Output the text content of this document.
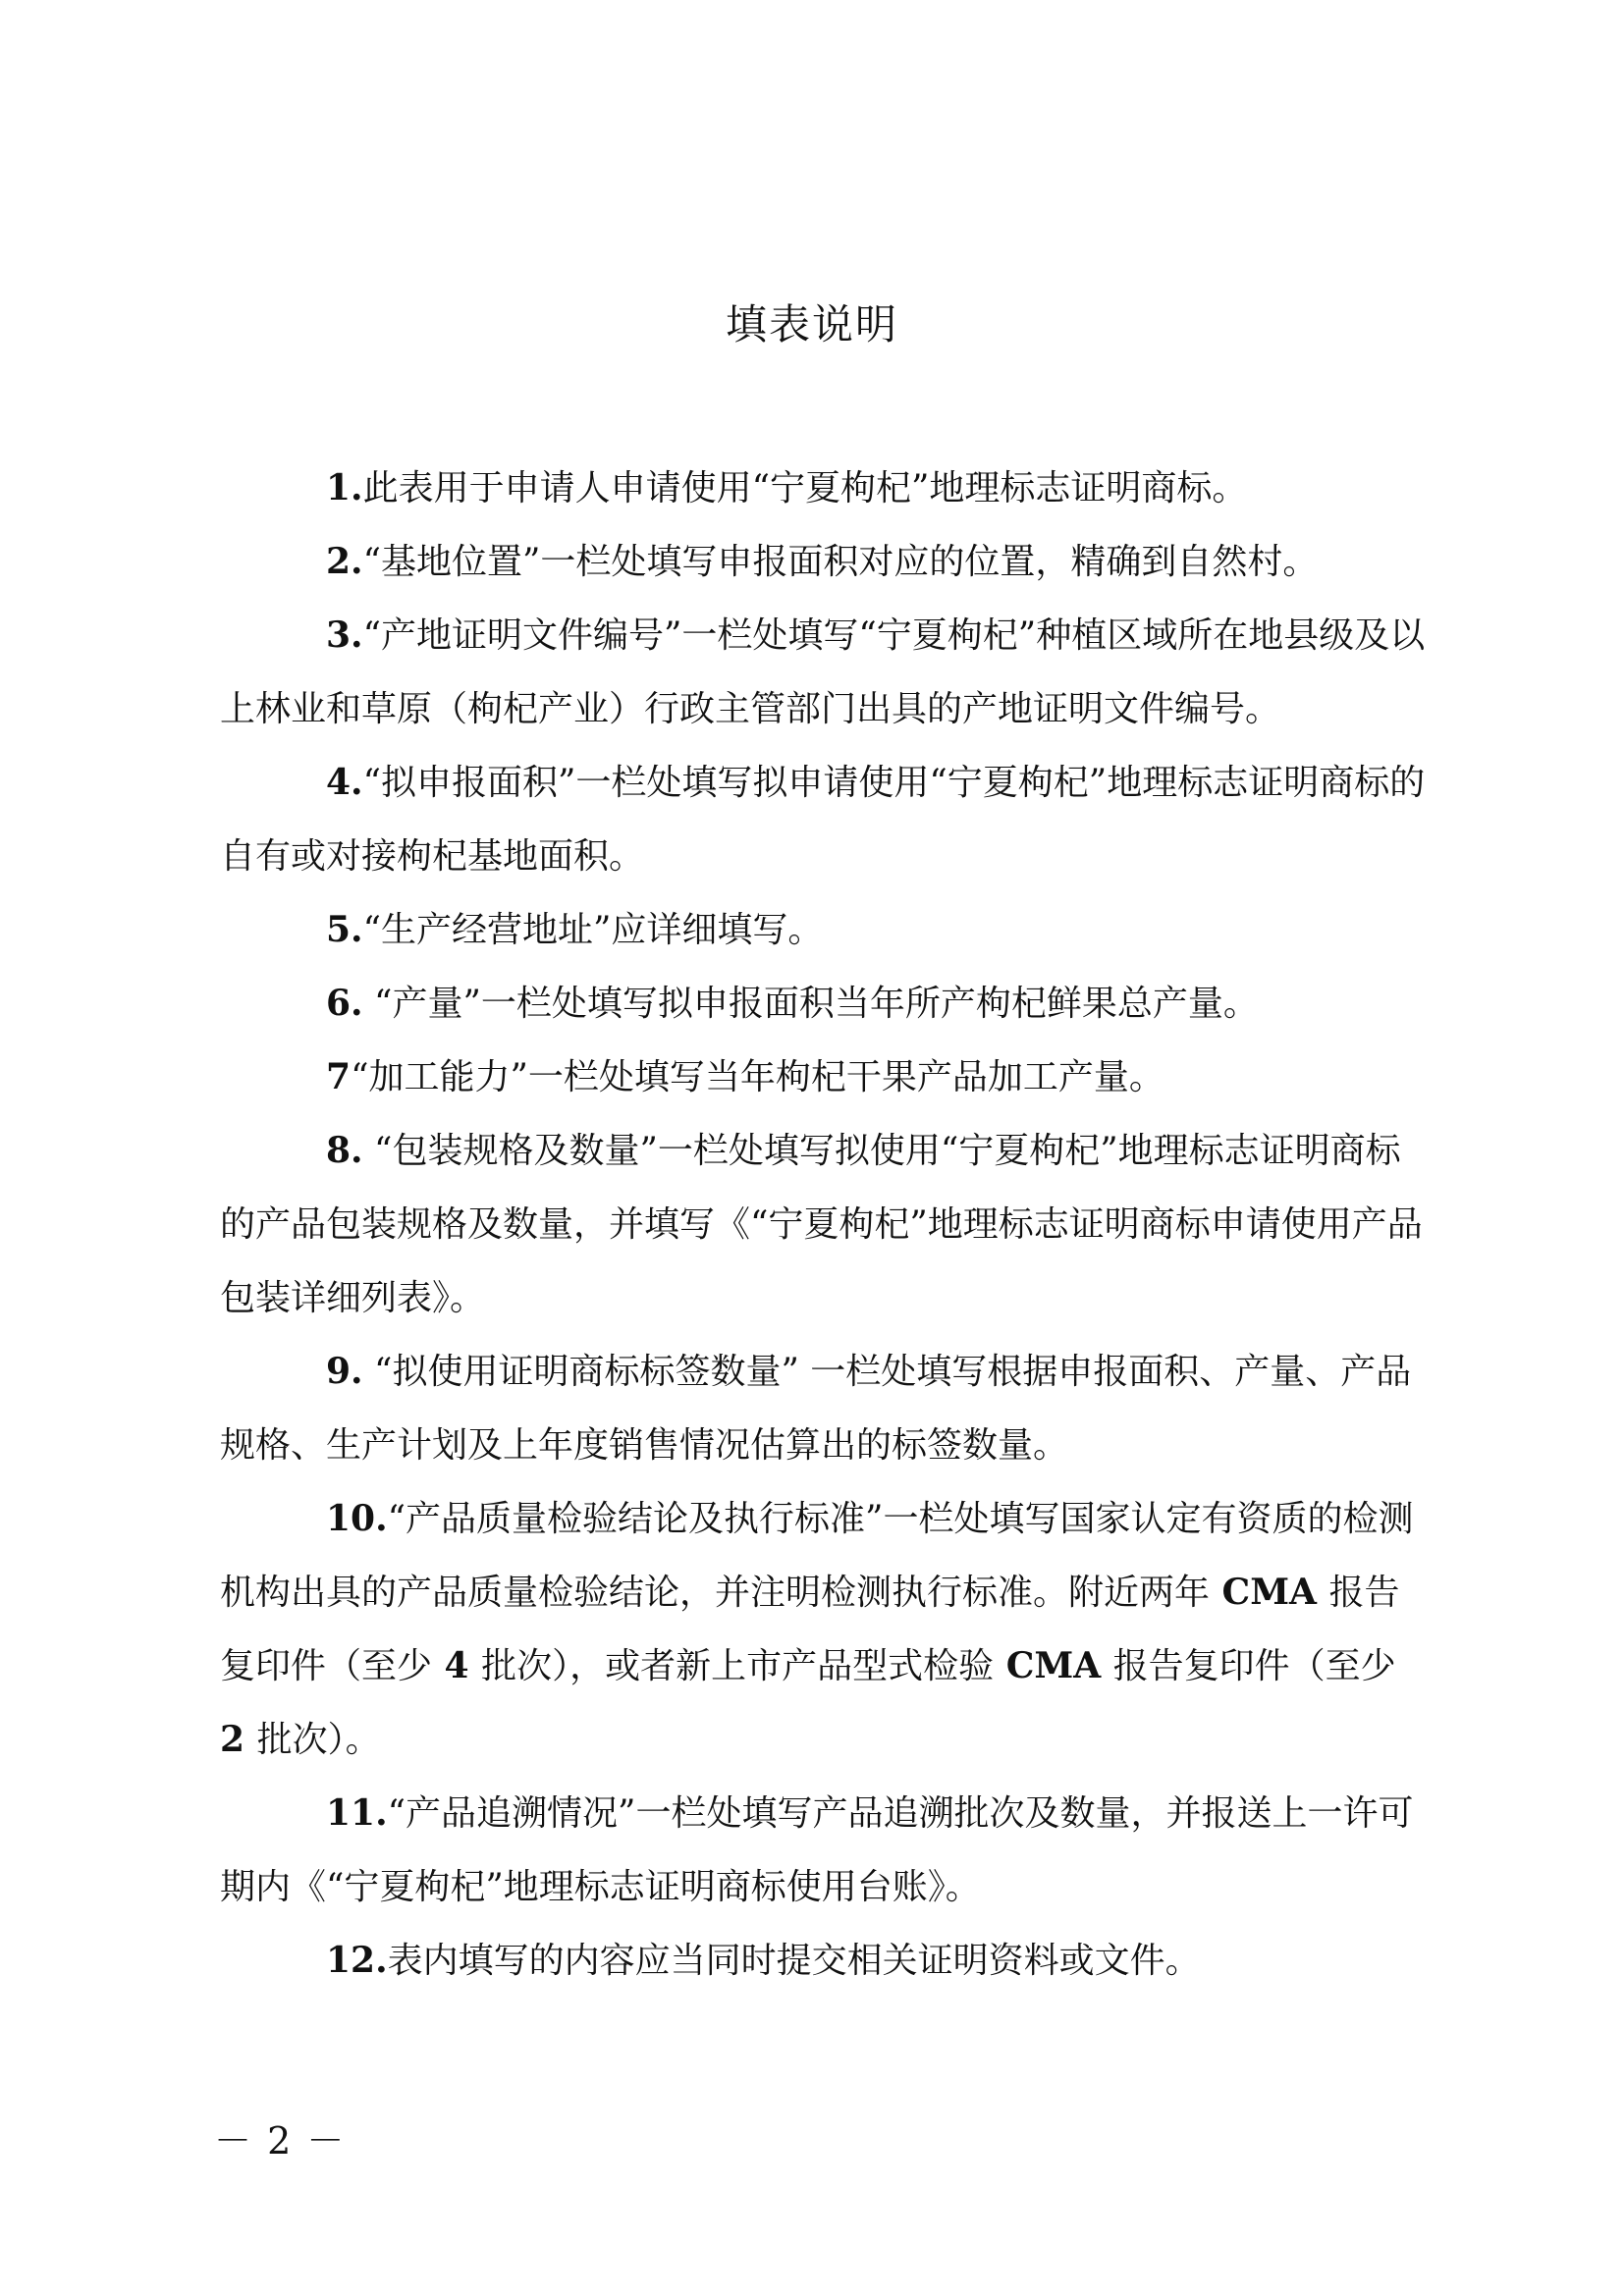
填表说明

1.此表用于申请人申请使用“宁夏枸杞”地理标志证明商标。

2.“基地位置”一栏处填写申报面积对应的位置，精确到自然村。

3.“产地证明文件编号”一栏处填写“宁夏枸杞”种植区域所在地县级及以上林业和草原（枸杞产业）行政主管部门出具的产地证明文件编号。

4.“拟申报面积”一栏处填写拟申请使用“宁夏枸杞”地理标志证明商标的自有或对接枸杞基地面积。

5.“生产经营地址”应详细填写。

6. “产量”一栏处填写拟申报面积当年所产枸杞鲜果总产量。

7“加工能力”一栏处填写当年枸杞干果产品加工产量。

8. “包装规格及数量”一栏处填写拟使用“宁夏枸杞”地理标志证明商标的产品包装规格及数量，并填写《“宁夏枸杞”地理标志证明商标申请使用产品包装详细列表》。

9. “拟使用证明商标标签数量” 一栏处填写根据申报面积、产量、产品规格、生产计划及上年度销售情况估算出的标签数量。

10.“产品质量检验结论及执行标准”一栏处填写国家认定有资质的检测机构出具的产品质量检验结论，并注明检测执行标准。附近两年 CMA 报告复印件（至少 4 批次），或者新上市产品型式检验 CMA 报告复印件（至少 2 批次）。

11.“产品追溯情况”一栏处填写产品追溯批次及数量，并报送上一许可期内《“宁夏枸杞”地理标志证明商标使用台账》。

12.表内填写的内容应当同时提交相关证明资料或文件。

－ 2 －
